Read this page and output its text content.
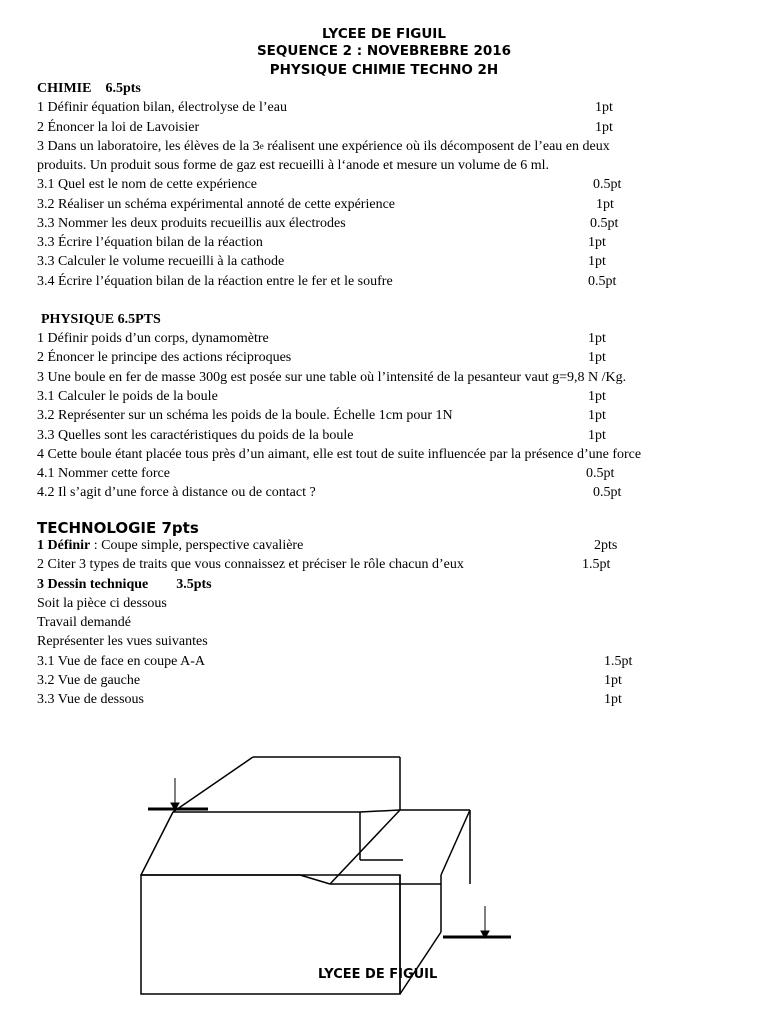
LYCEE DE FIGUIL
SEQUENCE 2 : NOVEBREBRE 2016
PHYSIQUE CHIMIE TECHNO 2H
CHIMIE 6.5pts
1 Définir équation bilan, électrolyse de l’eau	1pt
2 Énoncer la loi de Lavoisier	1pt
3 Dans un laboratoire, les élèves de la 3e réalisent une expérience où ils décomposent de l’eau en deux
produits. Un produit sous forme de gaz est recueilli à l‘anode et mesure un volume de 6 ml.
3.1 Quel est le nom de cette expérience	0.5pt
3.2 Réaliser un schéma expérimental annoté de cette expérience	1pt
3.3 Nommer les deux produits recueillis aux électrodes	0.5pt
3.3 Écrire l’équation bilan de la réaction	1pt
3.3 Calculer le volume recueilli à la cathode	1pt
3.4 Écrire l’équation bilan de la réaction entre le fer et le soufre	0.5pt
PHYSIQUE 6.5PTS
1 Définir poids d’un corps, dynamomètre	1pt
2 Énoncer le principe des actions réciproques	1pt
3 Une boule en fer de masse 300g est posée sur une table où l’intensité de la pesanteur vaut g=9,8 N /Kg.
3.1 Calculer le poids de la boule	1pt
3.2 Représenter sur un schéma les poids de la boule. Échelle 1cm pour 1N	1pt
3.3 Quelles sont les caractéristiques du poids de la boule	1pt
4 Cette boule étant placée tous près d’un aimant, elle est tout de suite influencée par la présence d’une force
4.1 Nommer cette force	0.5pt
4.2 Il s’agit d’une force à distance ou de contact ?	0.5pt
TECHNOLOGIE 7pts
1 Définir : Coupe simple, perspective cavalière	2pts
2 Citer 3 types de traits que vous connaissez et préciser le rôle chacun d’eux	1.5pt
3 Dessin technique 3.5pts
Soit la pièce ci dessous
Travail demandé
Représenter les vues suivantes
3.1 Vue de face en coupe A-A	1.5pt
3.2 Vue de gauche	1pt
3.3 Vue de dessous	1pt
LYCEE DE FIGUIL
